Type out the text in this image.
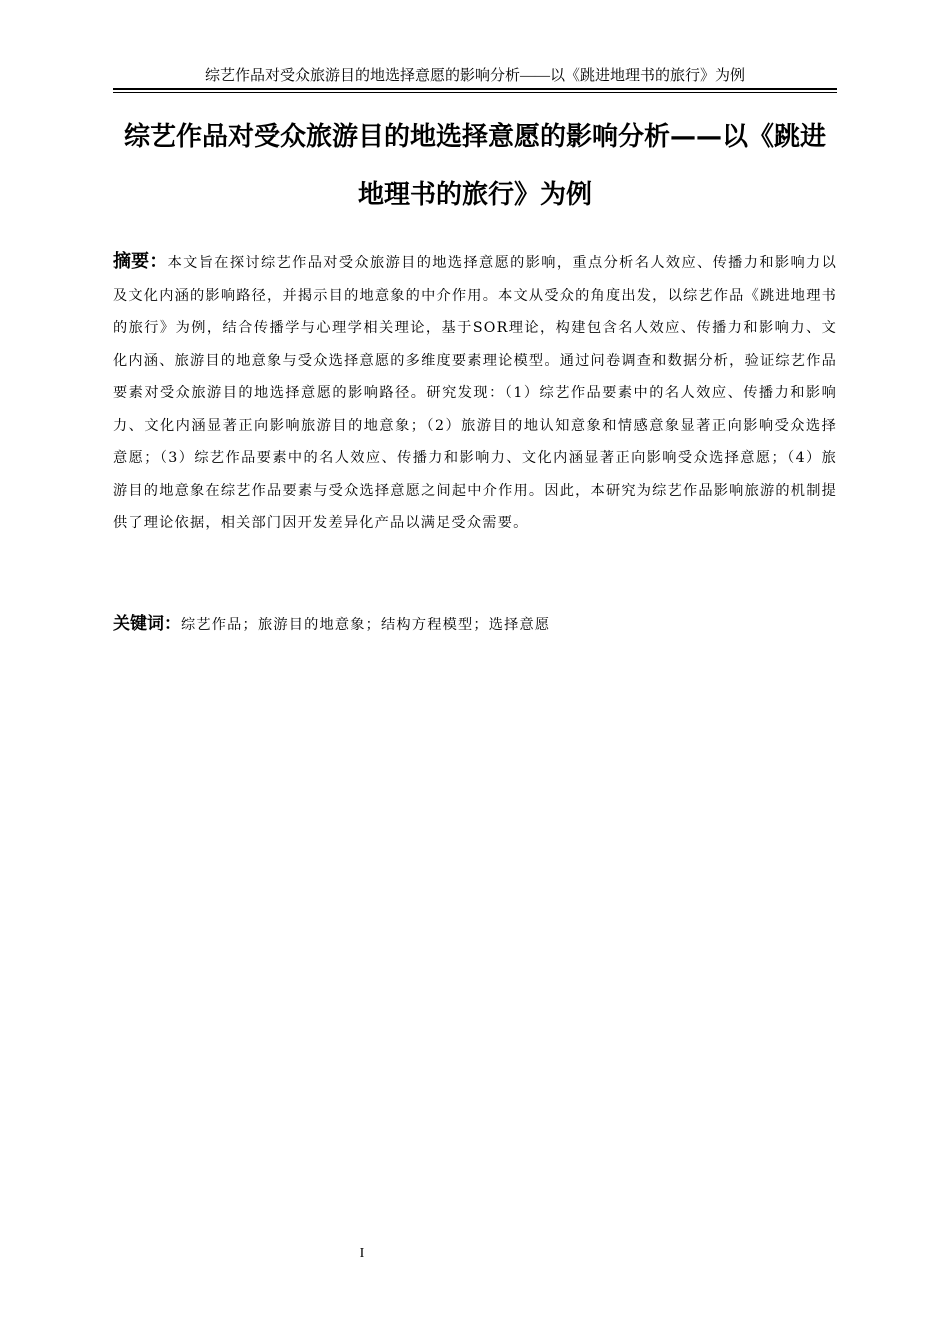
综艺作品对受众旅游目的地选择意愿的影响分析——以《跳进地理书的旅行》为例
综艺作品对受众旅游目的地选择意愿的影响分析——以《跳进地理书的旅行》为例
摘要：本文旨在探讨综艺作品对受众旅游目的地选择意愿的影响，重点分析名人效应、传播力和影响力以及文化内涵的影响路径，并揭示目的地意象的中介作用。本文从受众的角度出发，以综艺作品《跳进地理书的旅行》为例，结合传播学与心理学相关理论，基于SOR理论，构建包含名人效应、传播力和影响力、文化内涵、旅游目的地意象与受众选择意愿的多维度要素理论模型。通过问卷调查和数据分析，验证综艺作品要素对受众旅游目的地选择意愿的影响路径。研究发现：（1）综艺作品要素中的名人效应、传播力和影响力、文化内涵显著正向影响旅游目的地意象；（2）旅游目的地认知意象和情感意象显著正向影响受众选择意愿；（3）综艺作品要素中的名人效应、传播力和影响力、文化内涵显著正向影响受众选择意愿；（4）旅游目的地意象在综艺作品要素与受众选择意愿之间起中介作用。因此，本研究为综艺作品影响旅游的机制提供了理论依据，相关部门因开发差异化产品以满足受众需要。
关键词：综艺作品；旅游目的地意象；结构方程模型；选择意愿
I
